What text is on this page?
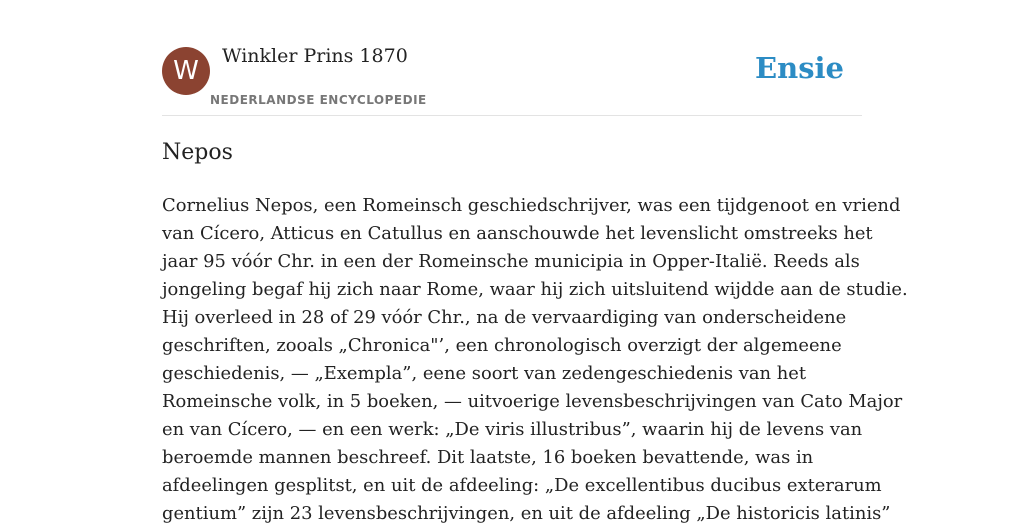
W	Winkler Prins 1870
NEDERLANDSE ENCYCLOPEDIE
Ensie
Nepos
Cornelius Nepos, een Romeinsch geschiedschrijver, was een tijdgenoot en vriend
van Cícero, Atticus en Catullus en aanschouwde het levenslicht omstreeks het
jaar 95 vóór Chr. in een der Romeinsche municipia in Opper-Italië. Reeds als
jongeling begaf hij zich naar Rome, waar hij zich uitsluitend wijdde aan de studie.
Hij overleed in 28 of 29 vóór Chr., na de vervaardiging van onderscheidene
geschriften, zooals „Chronica"’, een chronologisch overzigt der algemeene
geschiedenis, — „Exempla”, eene soort van zedengeschiedenis van het
Romeinsche volk, in 5 boeken, — uitvoerige levensbeschrijvingen van Cato Major
en van Cícero, — en een werk: „De viris illustribus”, waarin hij de levens van
beroemde mannen beschreef. Dit laatste, 16 boeken bevattende, was in
afdeelingen gesplitst, en uit de afdeeling: „De excellentibus ducibus exterarum
gentium” zijn 23 levensbeschrijvingen, en uit de afdeeling „De historicis latinis”
